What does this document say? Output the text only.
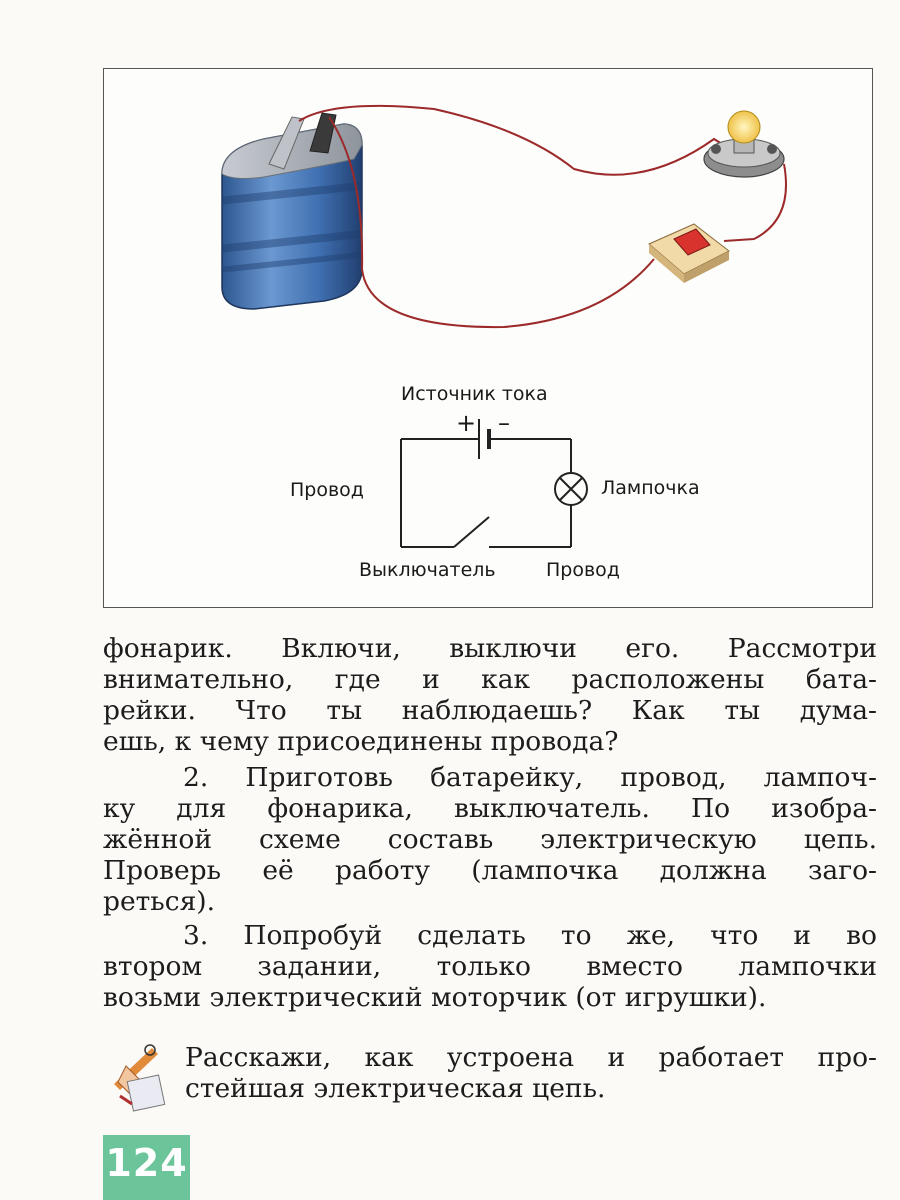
Источник тока
+ –
Провод	Лампочка
Выключатель	Провод
фонарик. Включи, выключи его. Рассмотри
внимательно, где и как расположены бата-
рейки. Что ты наблюдаешь? Как ты дума-
ешь, к чему присоединены провода?
2. Приготовь батарейку, провод, лампоч-
ку для фонарика, выключатель. По изобра-
жённой схеме составь электрическую цепь.
Проверь её работу (лампочка должна заго-
реться).
3. Попробуй сделать то же, что и во
втором задании, только вместо лампочки
возьми электрический моторчик (от игрушки).
Расскажи, как устроена и работает про-
стейшая электрическая цепь.
124
